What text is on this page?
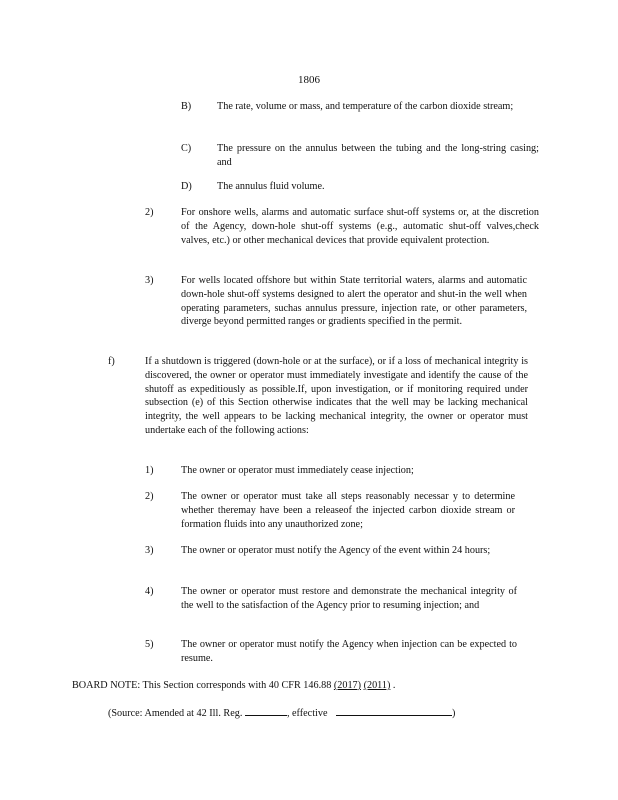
1806
B)	The rate, volume or mass, and temperature of the carbon dioxide stream;
C)	The pressure on the annulus between the tubing and the long-string casing; and
D) The annulus fluid volume.
2)	For onshore wells, alarms and automatic surface shut-off systems or, at the discretion of the Agency, down-hole shut-off systems (e.g., automatic shut-off valves,check valves, etc.) or other mechanical devices that provide equivalent protection.
3)	For wells located offshore but within State territorial waters, alarms and automatic down-hole shut-off systems designed to alert the operator and shut-in the well when operating parameters, suchas annulus pressure, injection rate, or other parameters, diverge beyond permitted ranges or gradients specified in the permit.
f)	If a shutdown is triggered (down-hole or at the surface), or if a loss of mechanical integrity is discovered, the owner or operator must immediately investigate and identify the cause of the shutoff as expeditiously as possible.If, upon investigation, or if monitoring required under subsection (e) of this Section otherwise indicates that the well may be lacking mechanical integrity, the well appears to be lacking mechanical integrity, the owner or operator must undertake each of the following actions:
1)	The owner or operator must immediately cease injection;
2)	The owner or operator must take all steps reasonably necessar y to determine whether theremay have been a releaseof the injected carbon dioxide stream or formation fluids into any unauthorized zone;
3)	The owner or operator must notify the Agency of the event within 24 hours;
4)	The owner or operator must restore and demonstrate the mechanical integrity of the well to the satisfaction of the Agency prior to resuming injection; and
5)	The owner or operator must notify the Agency when injection can be expected to resume.
BOARD NOTE: This Section corresponds with 40 CFR 146.88 (2017) (2011) .
(Source: Amended at 42 Ill. Reg.	, effective	)
